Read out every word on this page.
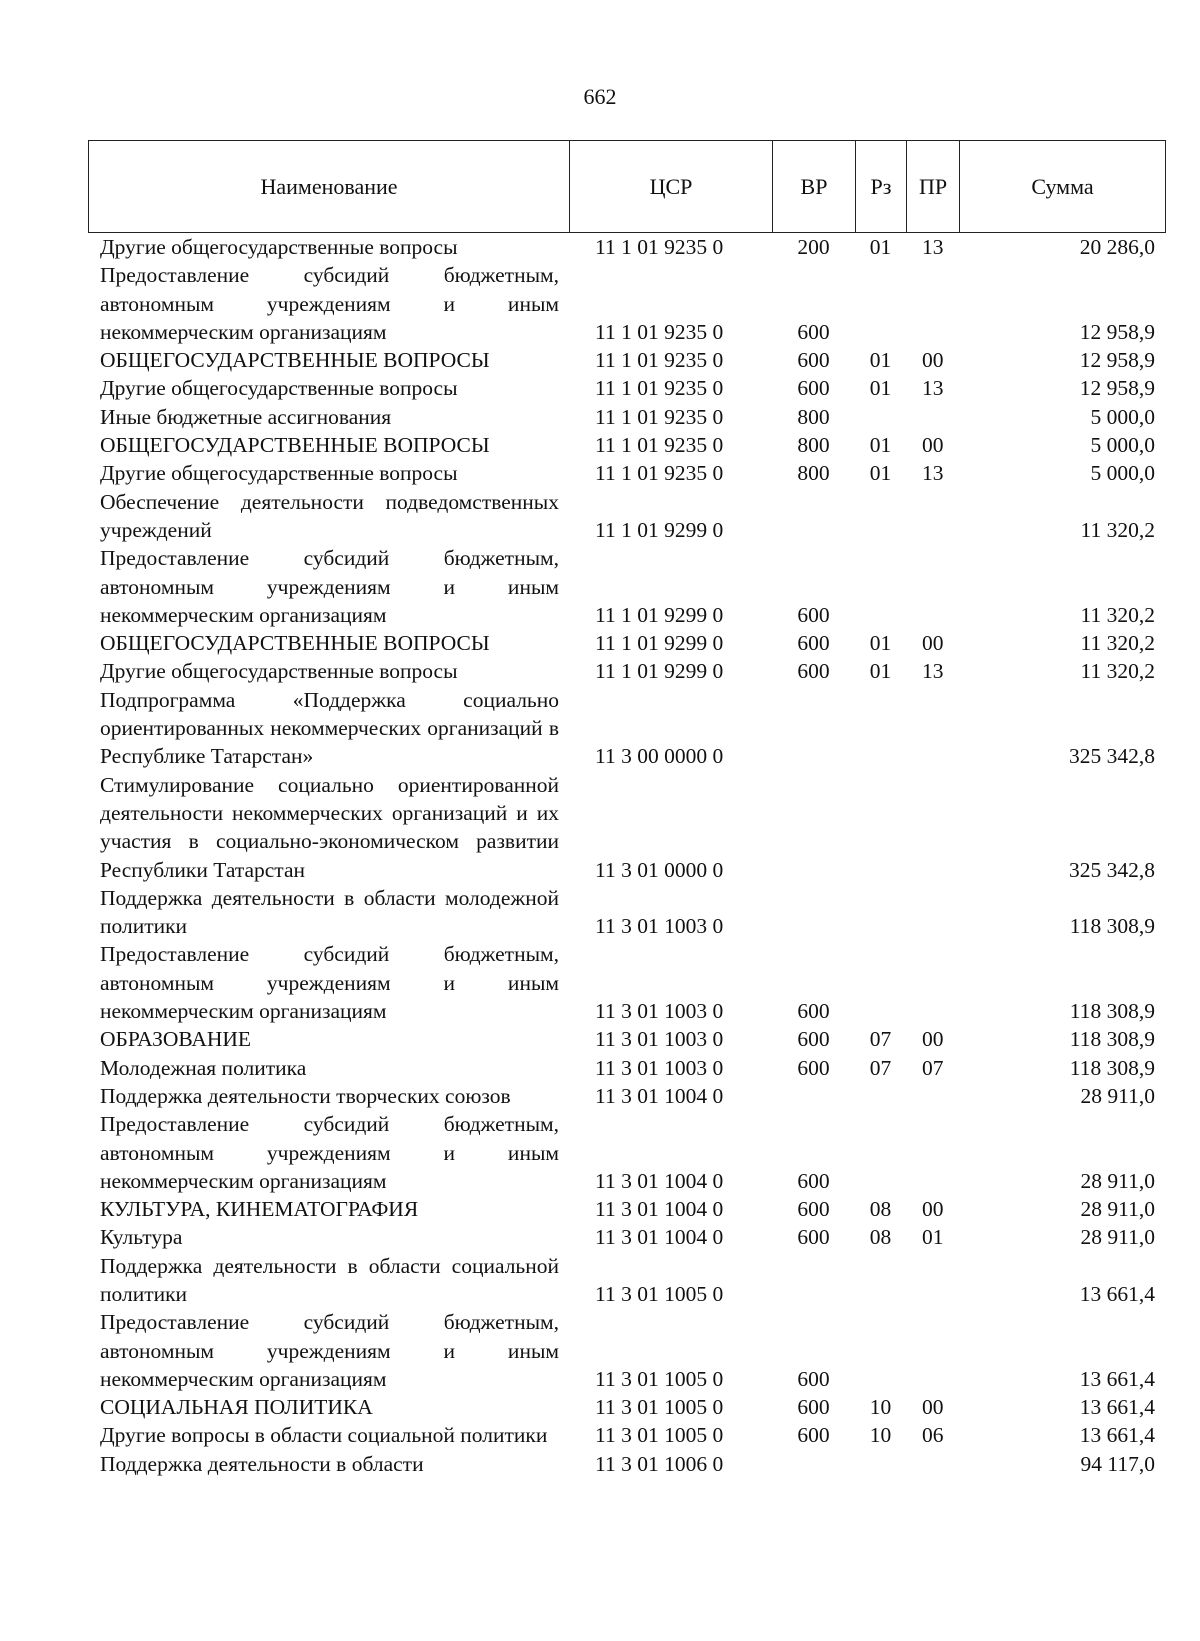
662
Наименование	ЦСР	ВР	Рз	ПР	Сумма
Другие общегосударственные вопросы	11 1 01 9235 0	200	01	13	20 286,0
Предоставление субсидий бюджетным, автономным учреждениям и иным некоммерческим организациям	11 1 01 9235 0	600			12 958,9
ОБЩЕГОСУДАРСТВЕННЫЕ ВОПРОСЫ	11 1 01 9235 0	600	01	00	12 958,9
Другие общегосударственные вопросы	11 1 01 9235 0	600	01	13	12 958,9
Иные бюджетные ассигнования	11 1 01 9235 0	800			5 000,0
ОБЩЕГОСУДАРСТВЕННЫЕ ВОПРОСЫ	11 1 01 9235 0	800	01	00	5 000,0
Другие общегосударственные вопросы	11 1 01 9235 0	800	01	13	5 000,0
Обеспечение деятельности подведомственных учреждений	11 1 01 9299 0				11 320,2
Предоставление субсидий бюджетным, автономным учреждениям и иным некоммерческим организациям	11 1 01 9299 0	600			11 320,2
ОБЩЕГОСУДАРСТВЕННЫЕ ВОПРОСЫ	11 1 01 9299 0	600	01	00	11 320,2
Другие общегосударственные вопросы	11 1 01 9299 0	600	01	13	11 320,2
Подпрограмма «Поддержка социально ориентированных некоммерческих организаций в Республике Татарстан»	11 3 00 0000 0				325 342,8
Стимулирование социально ориентированной деятельности некоммерческих организаций и их участия в социально-экономическом развитии Республики Татарстан	11 3 01 0000 0				325 342,8
Поддержка деятельности в области молодежной политики	11 3 01 1003 0				118 308,9
Предоставление субсидий бюджетным, автономным учреждениям и иным некоммерческим организациям	11 3 01 1003 0	600			118 308,9
ОБРАЗОВАНИЕ	11 3 01 1003 0	600	07	00	118 308,9
Молодежная политика	11 3 01 1003 0	600	07	07	118 308,9
Поддержка деятельности творческих союзов	11 3 01 1004 0				28 911,0
Предоставление субсидий бюджетным, автономным учреждениям и иным некоммерческим организациям	11 3 01 1004 0	600			28 911,0
КУЛЬТУРА, КИНЕМАТОГРАФИЯ	11 3 01 1004 0	600	08	00	28 911,0
Культура	11 3 01 1004 0	600	08	01	28 911,0
Поддержка деятельности в области социальной политики	11 3 01 1005 0				13 661,4
Предоставление субсидий бюджетным, автономным учреждениям и иным некоммерческим организациям	11 3 01 1005 0	600			13 661,4
СОЦИАЛЬНАЯ ПОЛИТИКА	11 3 01 1005 0	600	10	00	13 661,4
Другие вопросы в области социальной политики	11 3 01 1005 0	600	10	06	13 661,4
Поддержка деятельности в области	11 3 01 1006 0				94 117,0
